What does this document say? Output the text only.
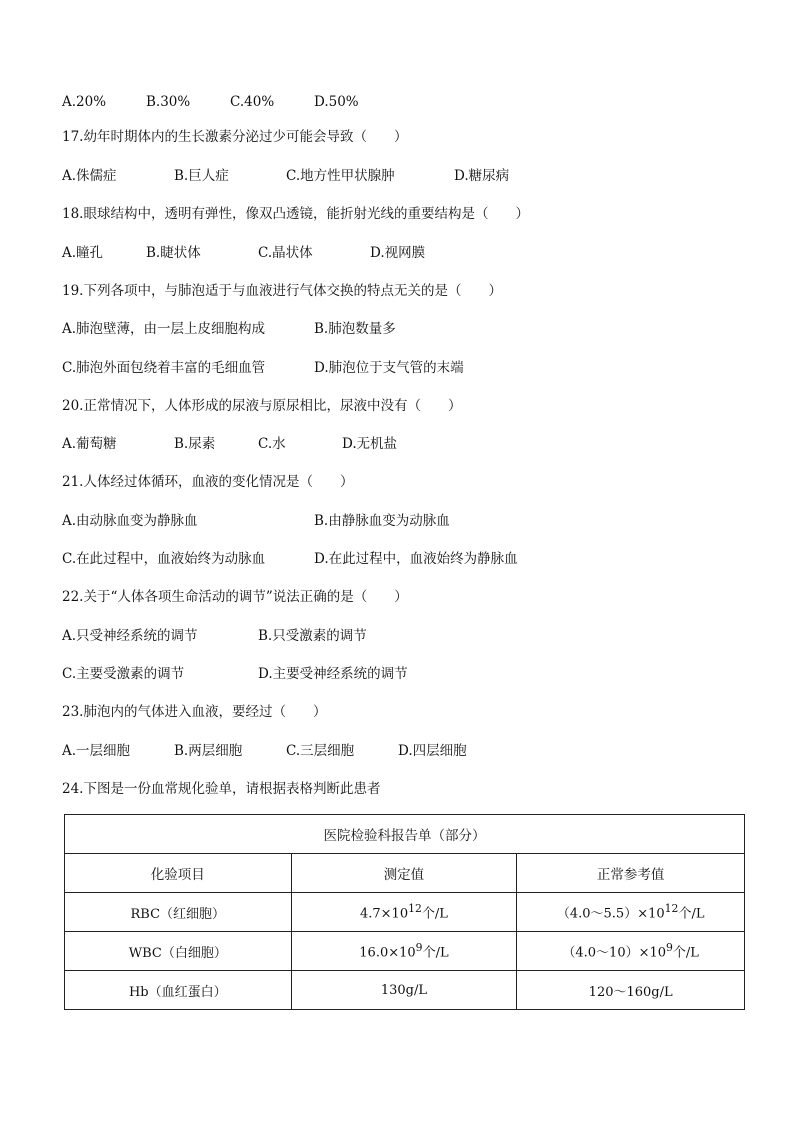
A.20%	B.30%	C.40%	D.50%
17.幼年时期体内的生长激素分泌过少可能会导致（　　）
A.侏儒症	B.巨人症	C.地方性甲状腺肿	D.糖尿病
18.眼球结构中，透明有弹性，像双凸透镜，能折射光线的重要结构是（　　）
A.瞳孔	B.睫状体	C.晶状体	D.视网膜
19.下列各项中，与肺泡适于与血液进行气体交换的特点无关的是（　　）
A.肺泡壁薄，由一层上皮细胞构成	B.肺泡数量多
C.肺泡外面包绕着丰富的毛细血管	D.肺泡位于支气管的末端
20.正常情况下，人体形成的尿液与原尿相比，尿液中没有（　　）
A.葡萄糖	B.尿素	C.水	D.无机盐
21.人体经过体循环，血液的变化情况是（　　）
A.由动脉血变为静脉血	B.由静脉血变为动脉血
C.在此过程中，血液始终为动脉血	D.在此过程中，血液始终为静脉血
22.关于“人体各项生命活动的调节”说法正确的是（　　）
A.只受神经系统的调节	B.只受激素的调节
C.主要受激素的调节	D.主要受神经系统的调节
23.肺泡内的气体进入血液，要经过（　　）
A.一层细胞	B.两层细胞	C.三层细胞	D.四层细胞
24.下图是一份血常规化验单，请根据表格判断此患者
医院检验科报告单（部分）		
化验项目	测定值	正常参考值
RBC（红细胞）	$4.7\times 10^{12}$个/L	$(4.0\sim 5.5)\times 10^{12}$个/L
WBC（白细胞）	$16.0\times 10^9$个/L	$(4.0\sim 10)\times 10^9$个/L
Hb（血红蛋白）	130g/L	120～160g/L
